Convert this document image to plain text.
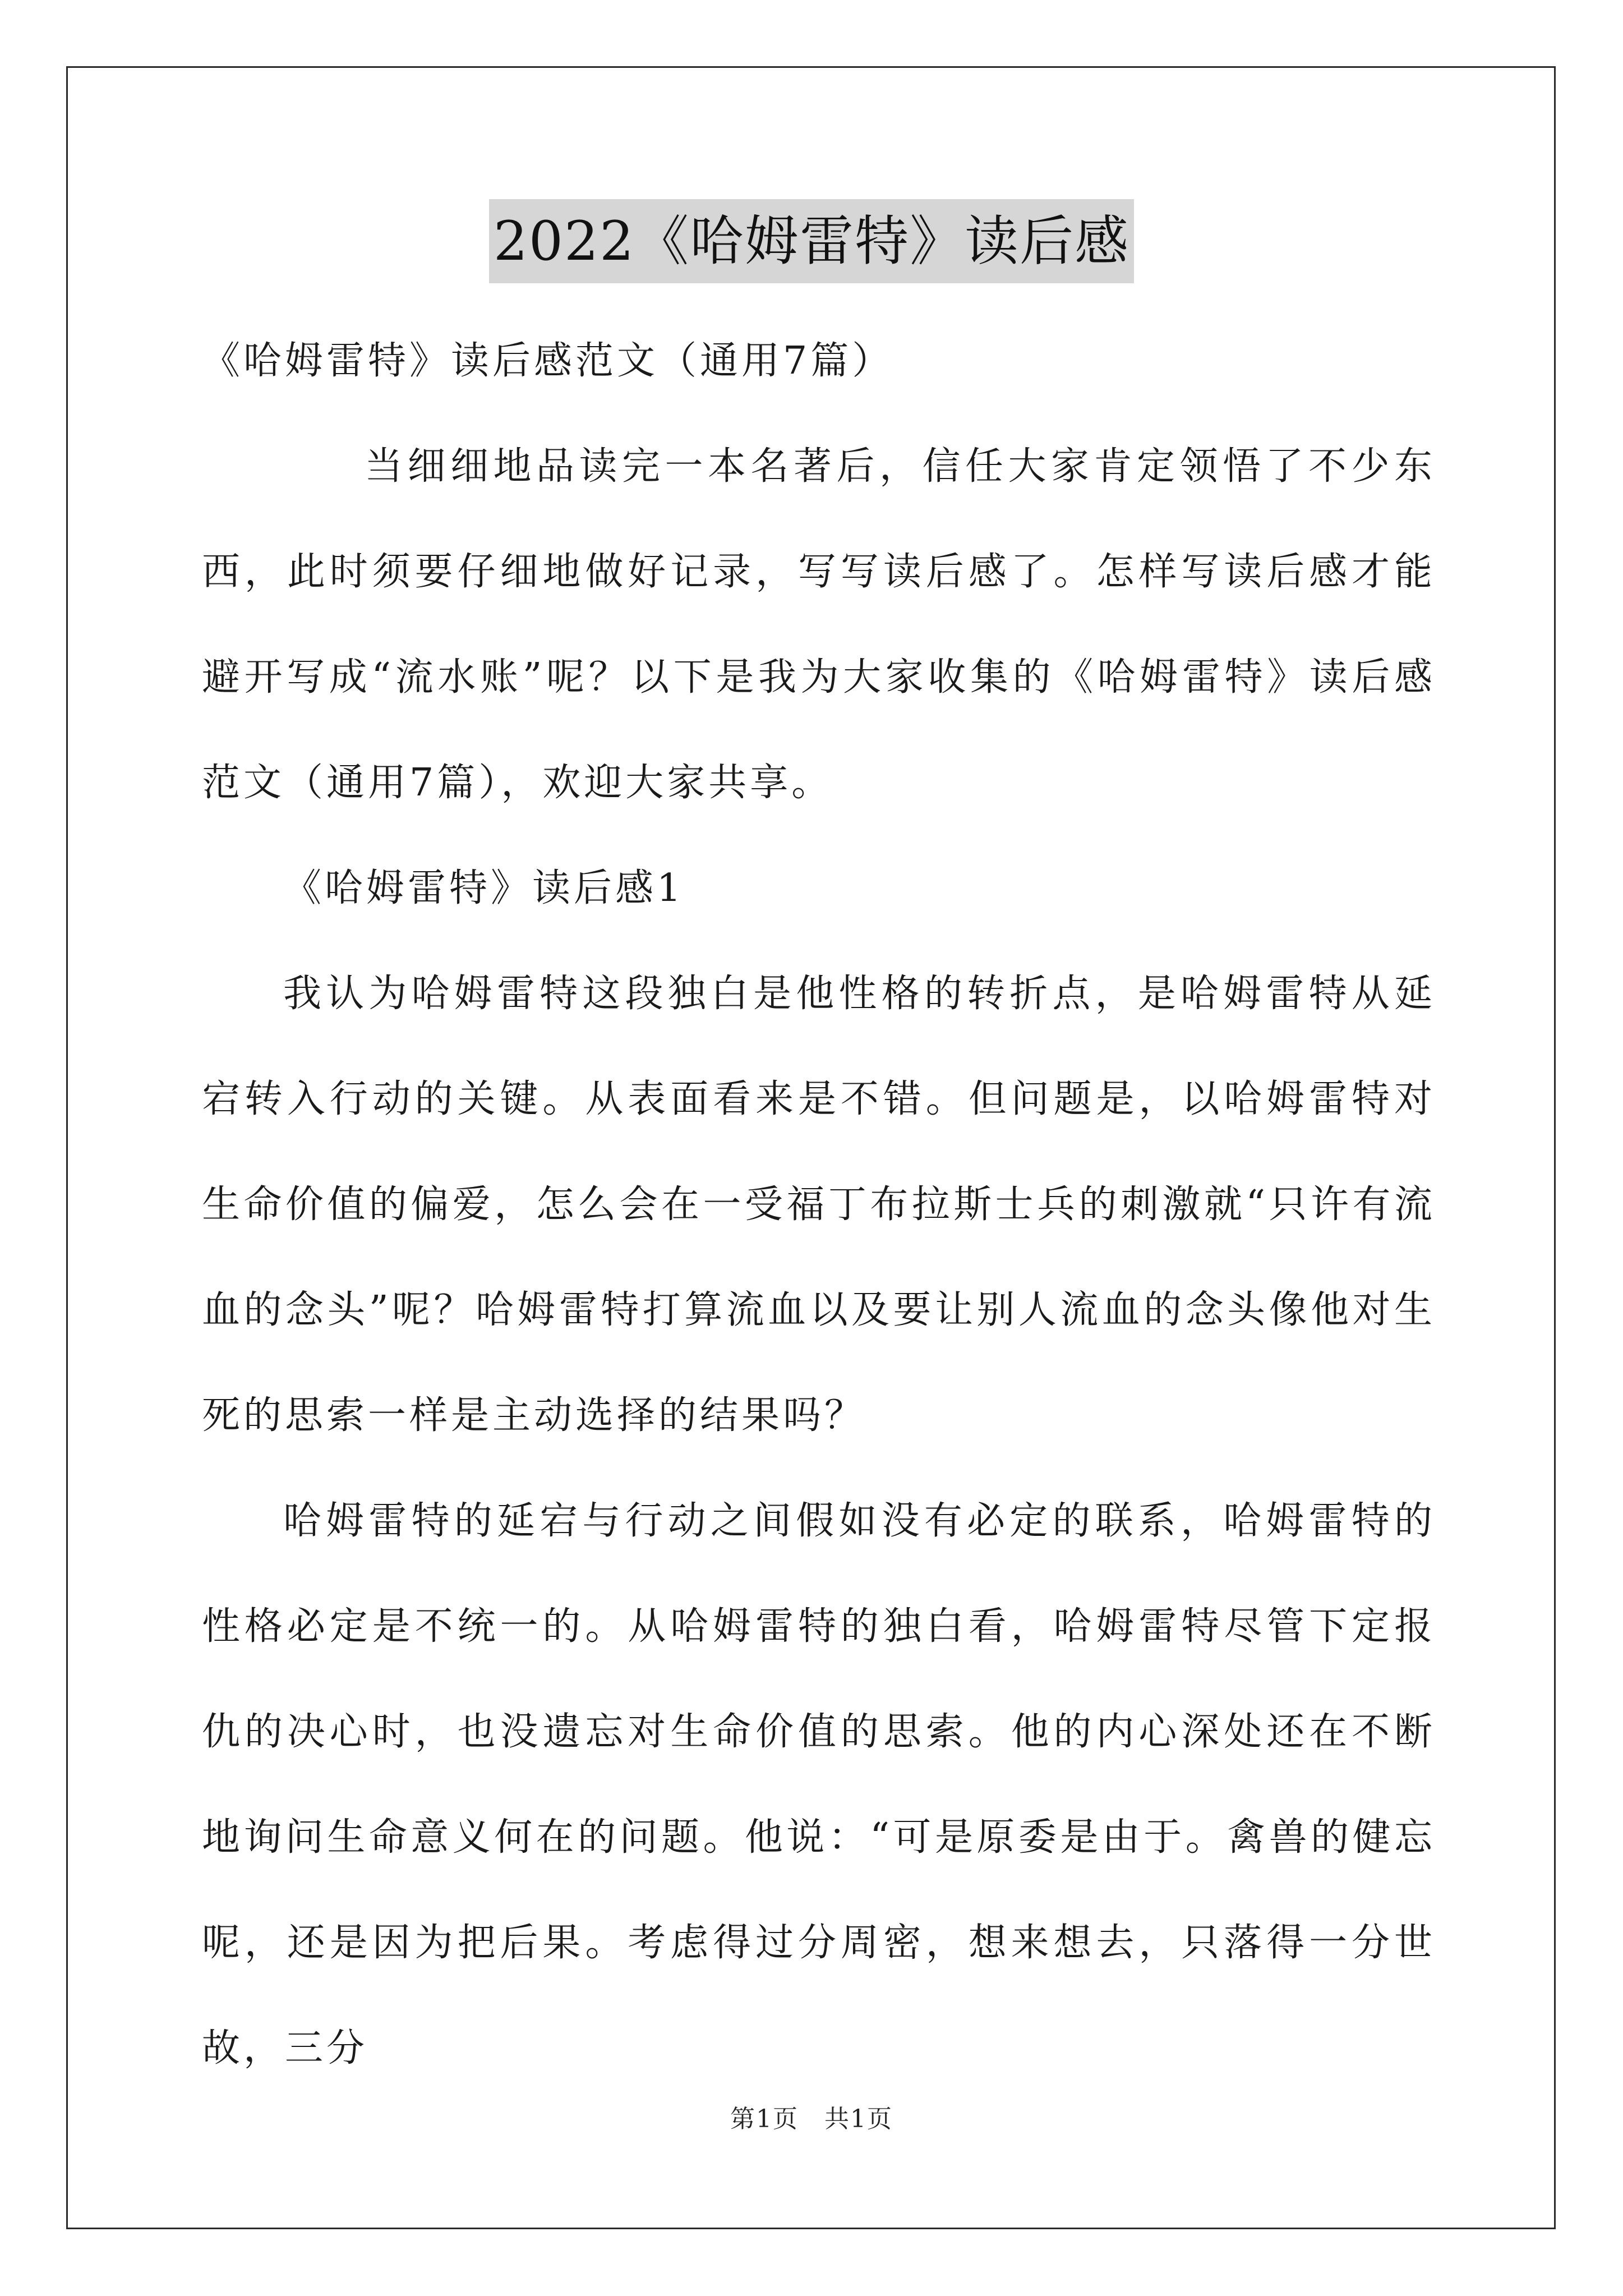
2022《哈姆雷特》读后感

《哈姆雷特》读后感范文（通用7篇）

当细细地品读完一本名著后，信任大家肯定领悟了不少东西，此时须要仔细地做好记录，写写读后感了。怎样写读后感才能避开写成“流水账”呢？以下是我为大家收集的《哈姆雷特》读后感范文（通用7篇），欢迎大家共享。

《哈姆雷特》读后感1

我认为哈姆雷特这段独白是他性格的转折点，是哈姆雷特从延宕转入行动的关键。从表面看来是不错。但问题是，以哈姆雷特对生命价值的偏爱，怎么会在一受福丁布拉斯士兵的刺激就“只许有流血的念头”呢？哈姆雷特打算流血以及要让别人流血的念头像他对生死的思索一样是主动选择的结果吗？

哈姆雷特的延宕与行动之间假如没有必定的联系，哈姆雷特的性格必定是不统一的。从哈姆雷特的独白看，哈姆雷特尽管下定报仇的决心时，也没遗忘对生命价值的思索。他的内心深处还在不断地询问生命意义何在的问题。他说：“可是原委是由于。禽兽的健忘呢，还是因为把后果。考虑得过分周密，想来想去，只落得一分世故，三分

第1页　共1页
